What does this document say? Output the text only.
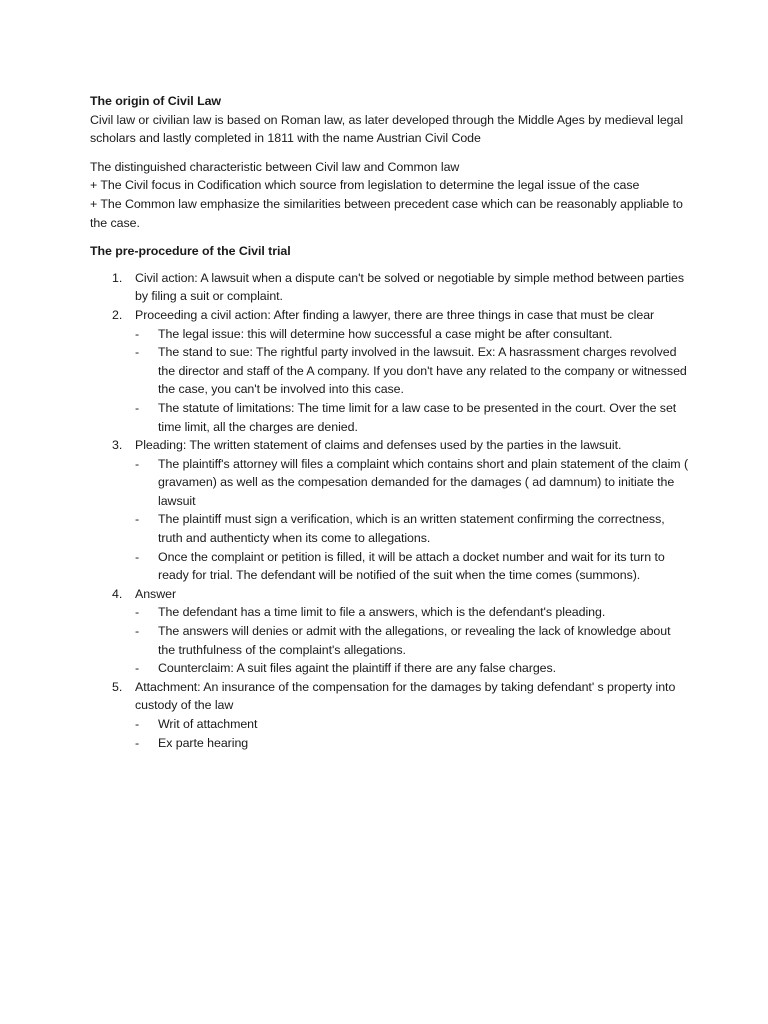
The origin of Civil Law

Civil law or civilian law is based on Roman law, as later developed through the Middle Ages by medieval legal scholars and lastly completed in 1811 with the name Austrian Civil Code

The distinguished characteristic between Civil law and Common law

+ The Civil focus in Codification which source from legislation to determine the legal issue of the case

+ The Common law emphasize the similarities between precedent case which can be reasonably appliable to the case.

The pre-procedure of the Civil trial

1. Civil action: A lawsuit when a dispute can't be solved or negotiable by simple method between parties by filing a suit or complaint.
2. Proceeding a civil action: After finding a lawyer, there are three things in case that must be clear
- The legal issue: this will determine how successful a case might be after consultant.
- The stand to sue: The rightful party involved in the lawsuit. Ex: A hasrassment charges revolved the director and staff of the A company. If you don't have any related to the company or witnessed the case, you can't be involved into this case.
- The statute of limitations: The time limit for a law case to be presented in the court. Over the set time limit, all the charges are denied.
3. Pleading: The written statement of claims and defenses used by the parties in the lawsuit.
- The plaintiff's attorney will files a complaint which contains short and plain statement of the claim ( gravamen) as well as the compesation demanded for the damages ( ad damnum) to initiate the lawsuit
- The plaintiff must sign a verification, which is an written statement confirming the correctness, truth and authenticty when its come to allegations.
- Once the complaint or petition is filled, it will be attach a docket number and wait for its turn to ready for trial. The defendant will be notified of the suit when the time comes (summons).
4. Answer
- The defendant has a time limit to file a answers, which is the defendant's pleading.
- The answers will denies or admit with the allegations, or revealing the lack of knowledge about the truthfulness of the complaint's allegations.
- Counterclaim: A suit files againt the plaintiff if there are any false charges.
5. Attachment: An insurance of the compensation for the damages by taking defendant' s property into custody of the law
- Writ of attachment
- Ex parte hearing
